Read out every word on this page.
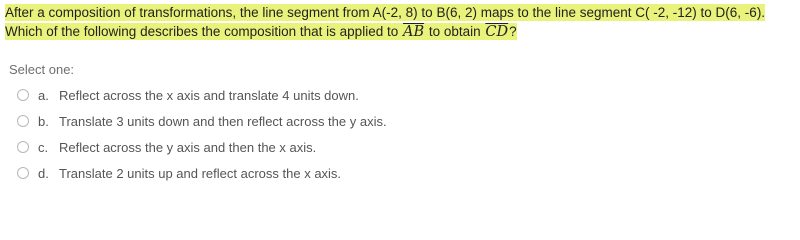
After a composition of transformations, the line segment from A(-2, 8) to B(6, 2) maps to the line segment C( -2, -12) to D(6, -6). Which of the following describes the composition that is applied to $\overline{AB}$ to obtain $\overline{CD}$?
Select one:
a. Reflect across the x axis and translate 4 units down.
b. Translate 3 units down and then reflect across the y axis.
c. Reflect across the y axis and then the x axis.
d. Translate 2 units up and reflect across the x axis.
